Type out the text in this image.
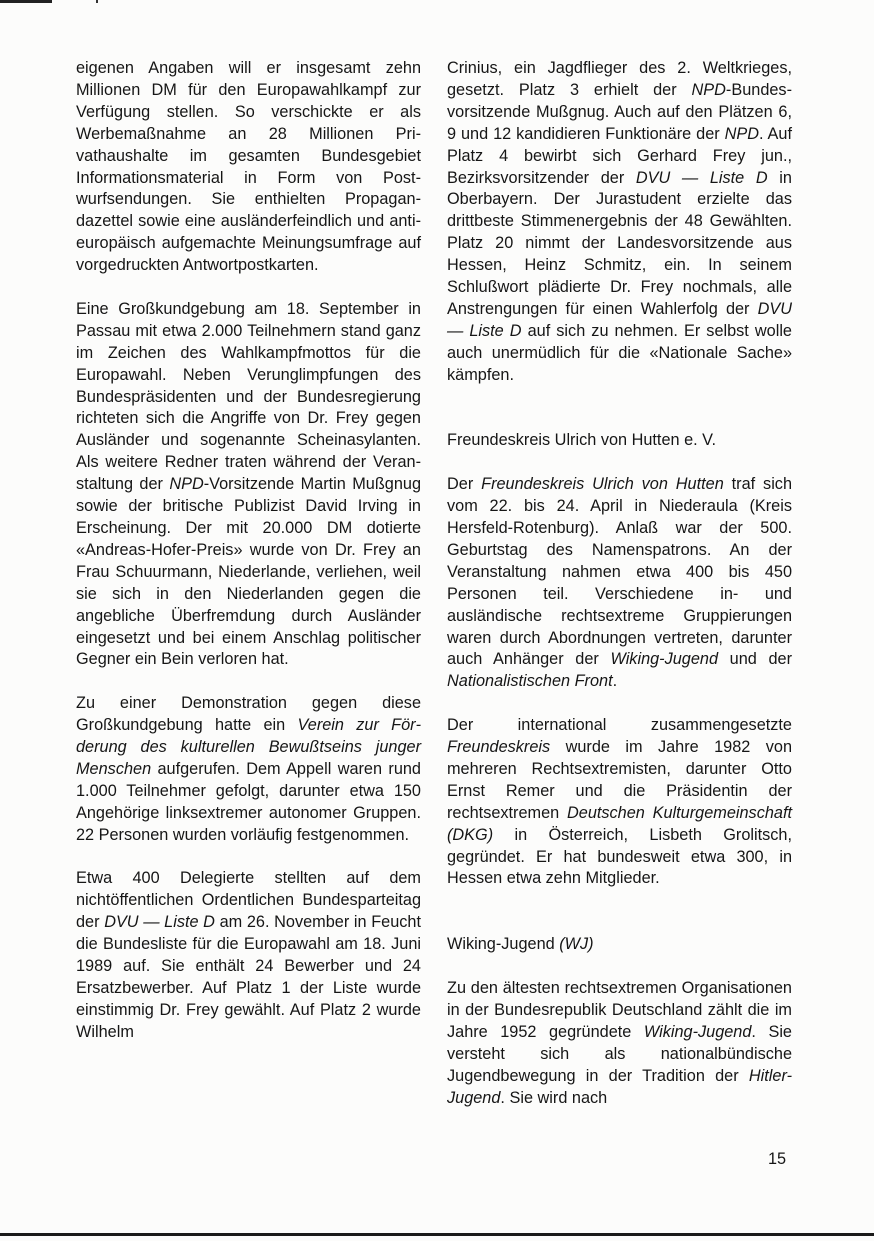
eigenen Angaben will er insgesamt zehn Millionen DM für den Europawahlkampf zur Verfügung stellen. So verschickte er als Werbemaßnahme an 28 Millionen Privathaushalte im gesamten Bundesgebiet Informationsmaterial in Form von Postwurfsendungen. Sie enthielten Propagandazettel sowie eine ausländerfeindlich und anti-europäisch aufgemachte Meinungsumfrage auf vorgedruckten Antwortpostkarten.

Eine Großkundgebung am 18. September in Passau mit etwa 2.000 Teilnehmern stand ganz im Zeichen des Wahlkampfmottos für die Europawahl. Neben Verunglimpfungen des Bundespräsidenten und der Bundesregierung richteten sich die Angriffe von Dr. Frey gegen Ausländer und sogenannte Scheinasylanten. Als weitere Redner traten während der Veranstaltung der NPD-Vorsitzende Martin Mußgnug sowie der britische Publizist David Irving in Erscheinung. Der mit 20.000 DM dotierte «Andreas-Hofer-Preis» wurde von Dr. Frey an Frau Schuurmann, Niederlande, verliehen, weil sie sich in den Niederlanden gegen die angebliche Überfremdung durch Ausländer eingesetzt und bei einem Anschlag politischer Gegner ein Bein verloren hat.

Zu einer Demonstration gegen diese Großkundgebung hatte ein Verein zur Förderung des kulturellen Bewußtseins junger Menschen aufgerufen. Dem Appell waren rund 1.000 Teilnehmer gefolgt, darunter etwa 150 Angehörige linksextremer autonomer Gruppen. 22 Personen wurden vorläufig festgenommen.

Etwa 400 Delegierte stellten auf dem nichtöffentlichen Ordentlichen Bundesparteitag der DVU — Liste D am 26. November in Feucht die Bundesliste für die Europawahl am 18. Juni 1989 auf. Sie enthält 24 Bewerber und 24 Ersatzbewerber. Auf Platz 1 der Liste wurde einstimmig Dr. Frey gewählt. Auf Platz 2 wurde Wilhelm

Crinius, ein Jagdflieger des 2. Weltkrieges, gesetzt. Platz 3 erhielt der NPD-Bundesvorsitzende Mußgnug. Auch auf den Plätzen 6, 9 und 12 kandidieren Funktionäre der NPD. Auf Platz 4 bewirbt sich Gerhard Frey jun., Bezirksvorsitzender der DVU — Liste D in Oberbayern. Der Jurastudent erzielte das drittbeste Stimmenergebnis der 48 Gewählten. Platz 20 nimmt der Landesvorsitzende aus Hessen, Heinz Schmitz, ein. In seinem Schlußwort plädierte Dr. Frey nochmals, alle Anstrengungen für einen Wahlerfolg der DVU — Liste D auf sich zu nehmen. Er selbst wolle auch unermüdlich für die «Nationale Sache» kämpfen.

Freundeskreis Ulrich von Hutten e. V.

Der Freundeskreis Ulrich von Hutten traf sich vom 22. bis 24. April in Niederaula (Kreis Hersfeld-Rotenburg). Anlaß war der 500. Geburtstag des Namenspatrons. An der Veranstaltung nahmen etwa 400 bis 450 Personen teil. Verschiedene in- und ausländische rechtsextreme Gruppierungen waren durch Abordnungen vertreten, darunter auch Anhänger der Wiking-Jugend und der Nationalistischen Front.

Der international zusammengesetzte Freundeskreis wurde im Jahre 1982 von mehreren Rechtsextremisten, darunter Otto Ernst Remer und die Präsidentin der rechtsextremen Deutschen Kulturgemeinschaft (DKG) in Österreich, Lisbeth Grolitsch, gegründet. Er hat bundesweit etwa 300, in Hessen etwa zehn Mitglieder.

Wiking-Jugend (WJ)

Zu den ältesten rechtsextremen Organisationen in der Bundesrepublik Deutschland zählt die im Jahre 1952 gegründete Wiking-Jugend. Sie versteht sich als nationalbündische Jugendbewegung in der Tradition der Hitler-Jugend. Sie wird nach

15
